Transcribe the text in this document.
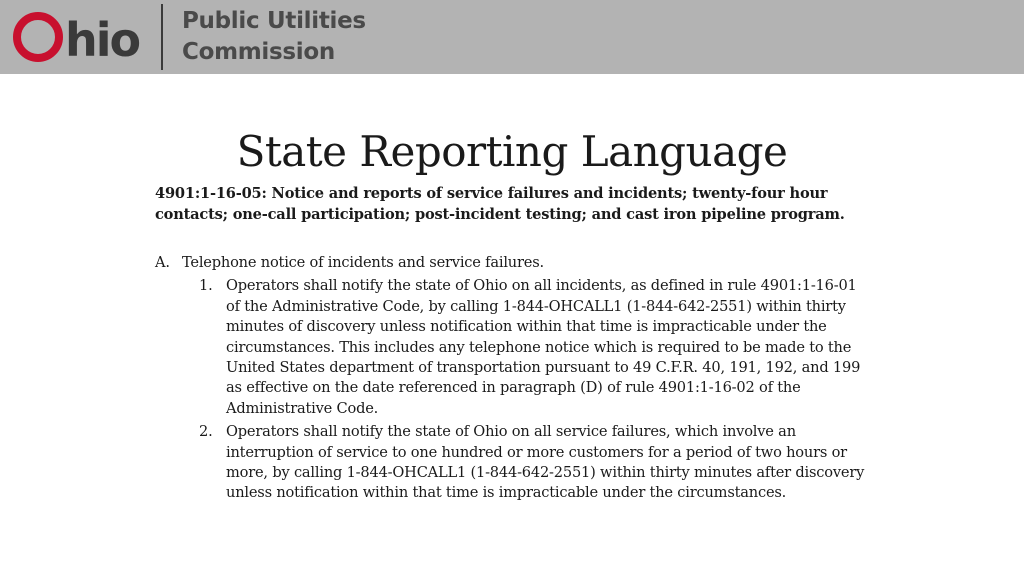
hio Public Utilities
Commission
State Reporting Language
4901:1-16-05: Notice and reports of service failures and incidents; twenty-four hour contacts; one-call participation; post-incident testing; and cast iron pipeline program.
A. Telephone notice of incidents and service failures.
1. Operators shall notify the state of Ohio on all incidents, as defined in rule 4901:1-16-01 of the Administrative Code, by calling 1-844-OHCALL1 (1-844-642-2551) within thirty minutes of discovery unless notification within that time is impracticable under the circumstances. This includes any telephone notice which is required to be made to the United States department of transportation pursuant to 49 C.F.R. 40, 191, 192, and 199 as effective on the date referenced in paragraph (D) of rule 4901:1-16-02 of the Administrative Code.
2. Operators shall notify the state of Ohio on all service failures, which involve an interruption of service to one hundred or more customers for a period of two hours or more, by calling 1-844-OHCALL1 (1-844-642-2551) within thirty minutes after discovery unless notification within that time is impracticable under the circumstances.
